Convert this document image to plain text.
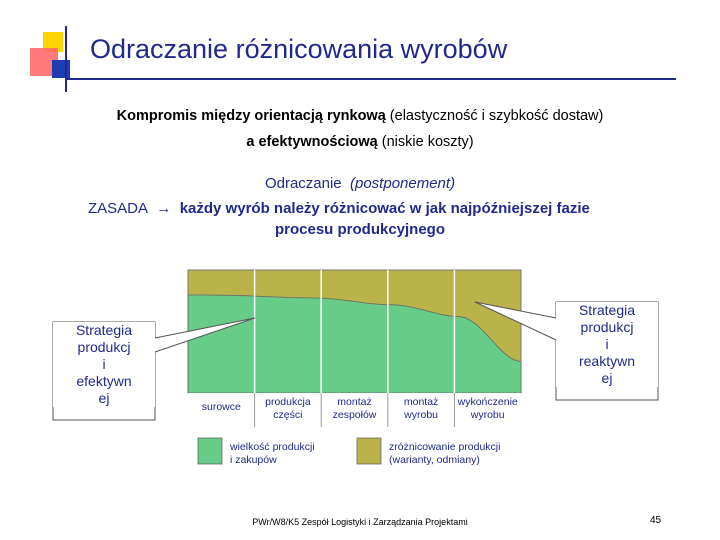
Odraczanie różnicowania wyrobów
Kompromis między orientacją rynkową (elastyczność i szybkość dostaw)
a efektywnościową (niskie koszty)
Odraczanie (postponement)
ZASADA → każdy wyrób należy różnicować w jak najpóźniejszej fazie
procesu produkcyjnego
surowce produkcja
części
montaż
zespołów
montaż
wyrobu
wykończenie
wyrobu
wielkość produkcji
i zakupów
zróżnicowanie produkcji
(warianty, odmiany)
Strategia
produkcj
i
efektywn
ej
Strategia
produkcj
i
reaktywn
ej
PWr/W8/K5 Zespół Logistyki i Zarządzania Projektami	45
